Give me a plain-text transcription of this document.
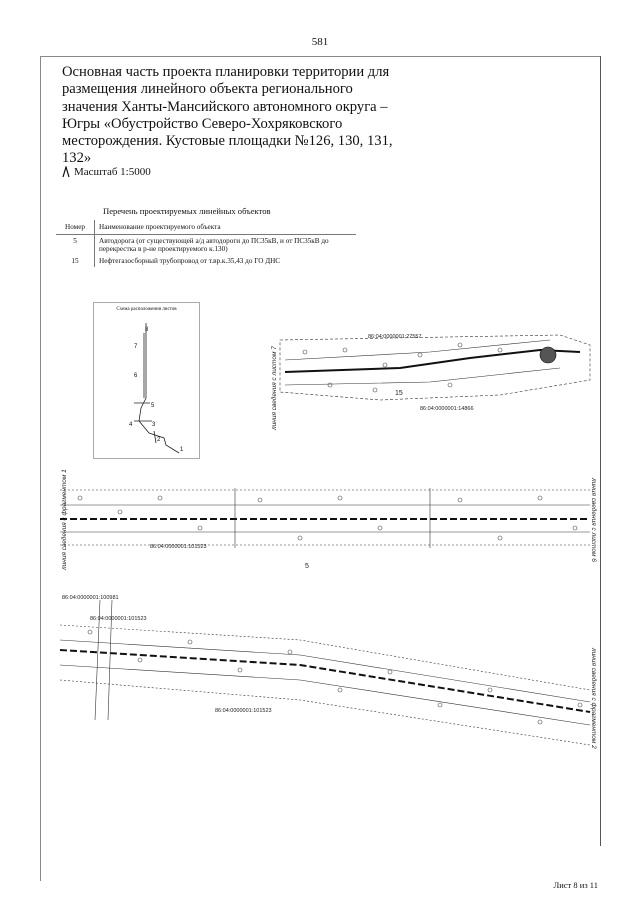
581
Основная часть проекта планировки территории для размещения линейного объекта регионального значения Ханты-Мансийского автономного округа – Югры «Обустройство Северо-Хохряковского месторождения. Кустовые площадки №126, 130, 131, 132»
Масштаб 1:5000
Перечень проектируемых линейных объектов
Номер	Наименование проектируемого объекта
5	Автодорога (от существующей а/д автодороги до ПС35кВ, и от ПС35кВ до перекрестка в р-не проектируемого к.130)
15	Нефтегазосборный трубопровод от т.вр.к.35,43 до ГО ДНС
Схема расположения листов
8
7
6
5
4	3
2
1
86:04:0000001:27557
86:04:0000001:14866
86:04:0000001:101523
86:04:0000001:100981
86:04:0000001:101523
86:04:0000001:101523
5
15
линия сведения с листом 7
линия сведения с фрагментом 1	линия сведения с листом 6
линия сведения с фрагментом 2
Лист 8 из 11
